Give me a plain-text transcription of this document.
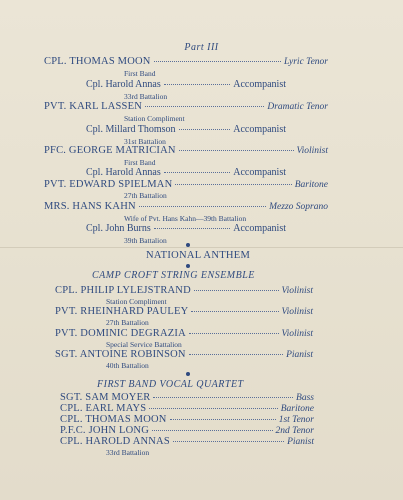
Part III
CPL. THOMAS MOON	Lyric Tenor
First Band
Cpl. Harold Annas	Accompanist
33rd Battalion
PVT. KARL LASSEN	Dramatic Tenor
Station Compliment
Cpl. Millard Thomson	Accompanist
31st Battalion
PFC. GEORGE MATRICIAN	Violinist
First Band
Cpl. Harold Annas	Accompanist
PVT. EDWARD SPIELMAN	Baritone
27th Battalion
MRS. HANS KAHN	Mezzo Soprano
Wife of Pvt. Hans Kahn—39th Battalion
Cpl. John Burns	Accompanist
39th Battalion
NATIONAL ANTHEM
CAMP CROFT STRING ENSEMBLE
CPL. PHILIP LYLEJSTRAND	Violinist
Station Compliment
PVT. RHEINHARD PAULEY	Violinist
27th Battalion
PVT. DOMINIC DEGRAZIA	Violinist
Special Service Battalion
SGT. ANTOINE ROBINSON	Pianist
40th Battalion
FIRST BAND VOCAL QUARTET
SGT. SAM MOYER	Bass
CPL. EARL MAYS	Baritone
CPL. THOMAS MOON	1st Tenor
P.F.C. JOHN LONG	2nd Tenor
CPL. HAROLD ANNAS	Pianist
33rd Battalion
